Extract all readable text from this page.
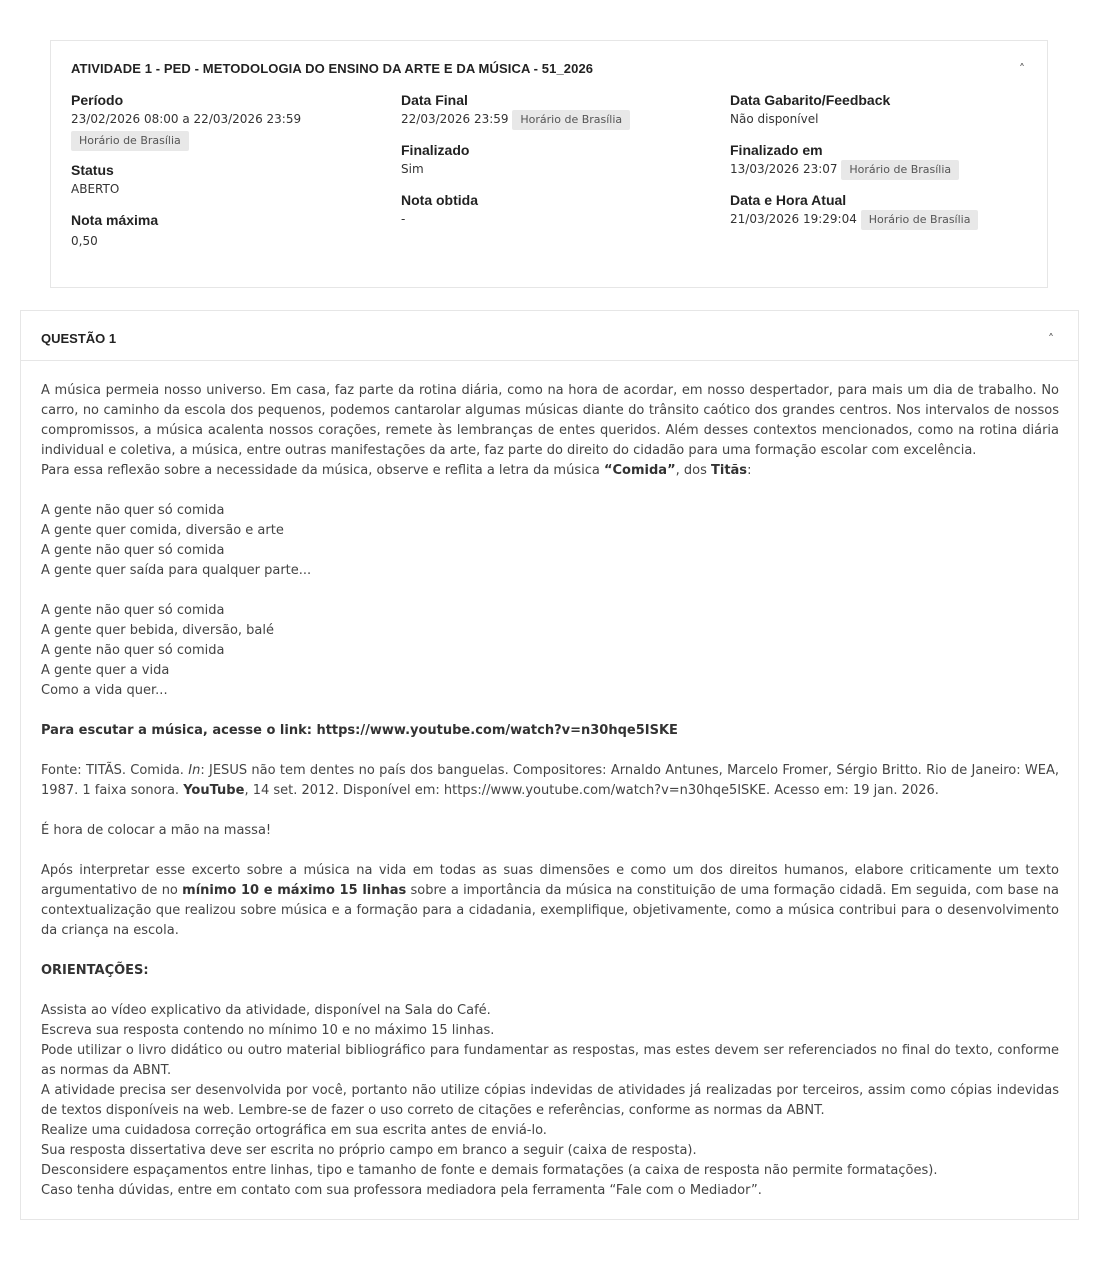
ATIVIDADE 1 - PED - METODOLOGIA DO ENSINO DA ARTE E DA MÚSICA - 51_2026	˄
Período
23/02/2026 08:00 a 22/03/2026 23:59
Horário de Brasília
Status
ABERTO
Nota máxima
0,50
Data Final
22/03/2026 23:59 Horário de Brasília
Finalizado
Sim
Nota obtida
-
Data Gabarito/Feedback
Não disponível
Finalizado em
13/03/2026 23:07 Horário de Brasília
Data e Hora Atual
21/03/2026 19:29:04 Horário de Brasília
QUESTÃO 1	˄

A música permeia nosso universo. Em casa, faz parte da rotina diária, como na hora de acordar, em nosso despertador, para mais um dia de trabalho. No carro, no caminho da escola dos pequenos, podemos cantarolar algumas músicas diante do trânsito caótico dos grandes centros. Nos intervalos de nossos compromissos, a música acalenta nossos corações, remete às lembranças de entes queridos. Além desses contextos mencionados, como na rotina diária individual e coletiva, a música, entre outras manifestações da arte, faz parte do direito do cidadão para uma formação escolar com excelência.

Para essa reflexão sobre a necessidade da música, observe e reflita a letra da música “Comida”, dos Titãs:

A gente não quer só comida

A gente quer comida, diversão e arte

A gente não quer só comida

A gente quer saída para qualquer parte...

A gente não quer só comida

A gente quer bebida, diversão, balé

A gente não quer só comida

A gente quer a vida

Como a vida quer...

Para escutar a música, acesse o link: https://www.youtube.com/watch?v=n30hqe5ISKE

Fonte: TITÃS. Comida. In: JESUS não tem dentes no país dos banguelas. Compositores: Arnaldo Antunes, Marcelo Fromer, Sérgio Britto. Rio de Janeiro: WEA, 1987. 1 faixa sonora. YouTube, 14 set. 2012. Disponível em: https://www.youtube.com/watch?v=n30hqe5ISKE. Acesso em: 19 jan. 2026.

É hora de colocar a mão na massa!

Após interpretar esse excerto sobre a música na vida em todas as suas dimensões e como um dos direitos humanos, elabore criticamente um texto argumentativo de no mínimo 10 e máximo 15 linhas sobre a importância da música na constituição de uma formação cidadã. Em seguida, com base na contextualização que realizou sobre música e a formação para a cidadania, exemplifique, objetivamente, como a música contribui para o desenvolvimento da criança na escola.

ORIENTAÇÕES:

Assista ao vídeo explicativo da atividade, disponível na Sala do Café.

Escreva sua resposta contendo no mínimo 10 e no máximo 15 linhas.

Pode utilizar o livro didático ou outro material bibliográfico para fundamentar as respostas, mas estes devem ser referenciados no final do texto, conforme as normas da ABNT.

A atividade precisa ser desenvolvida por você, portanto não utilize cópias indevidas de atividades já realizadas por terceiros, assim como cópias indevidas de textos disponíveis na web. Lembre-se de fazer o uso correto de citações e referências, conforme as normas da ABNT.

Realize uma cuidadosa correção ortográfica em sua escrita antes de enviá-lo.

Sua resposta dissertativa deve ser escrita no próprio campo em branco a seguir (caixa de resposta).

Desconsidere espaçamentos entre linhas, tipo e tamanho de fonte e demais formatações (a caixa de resposta não permite formatações).

Caso tenha dúvidas, entre em contato com sua professora mediadora pela ferramenta “Fale com o Mediador”.
